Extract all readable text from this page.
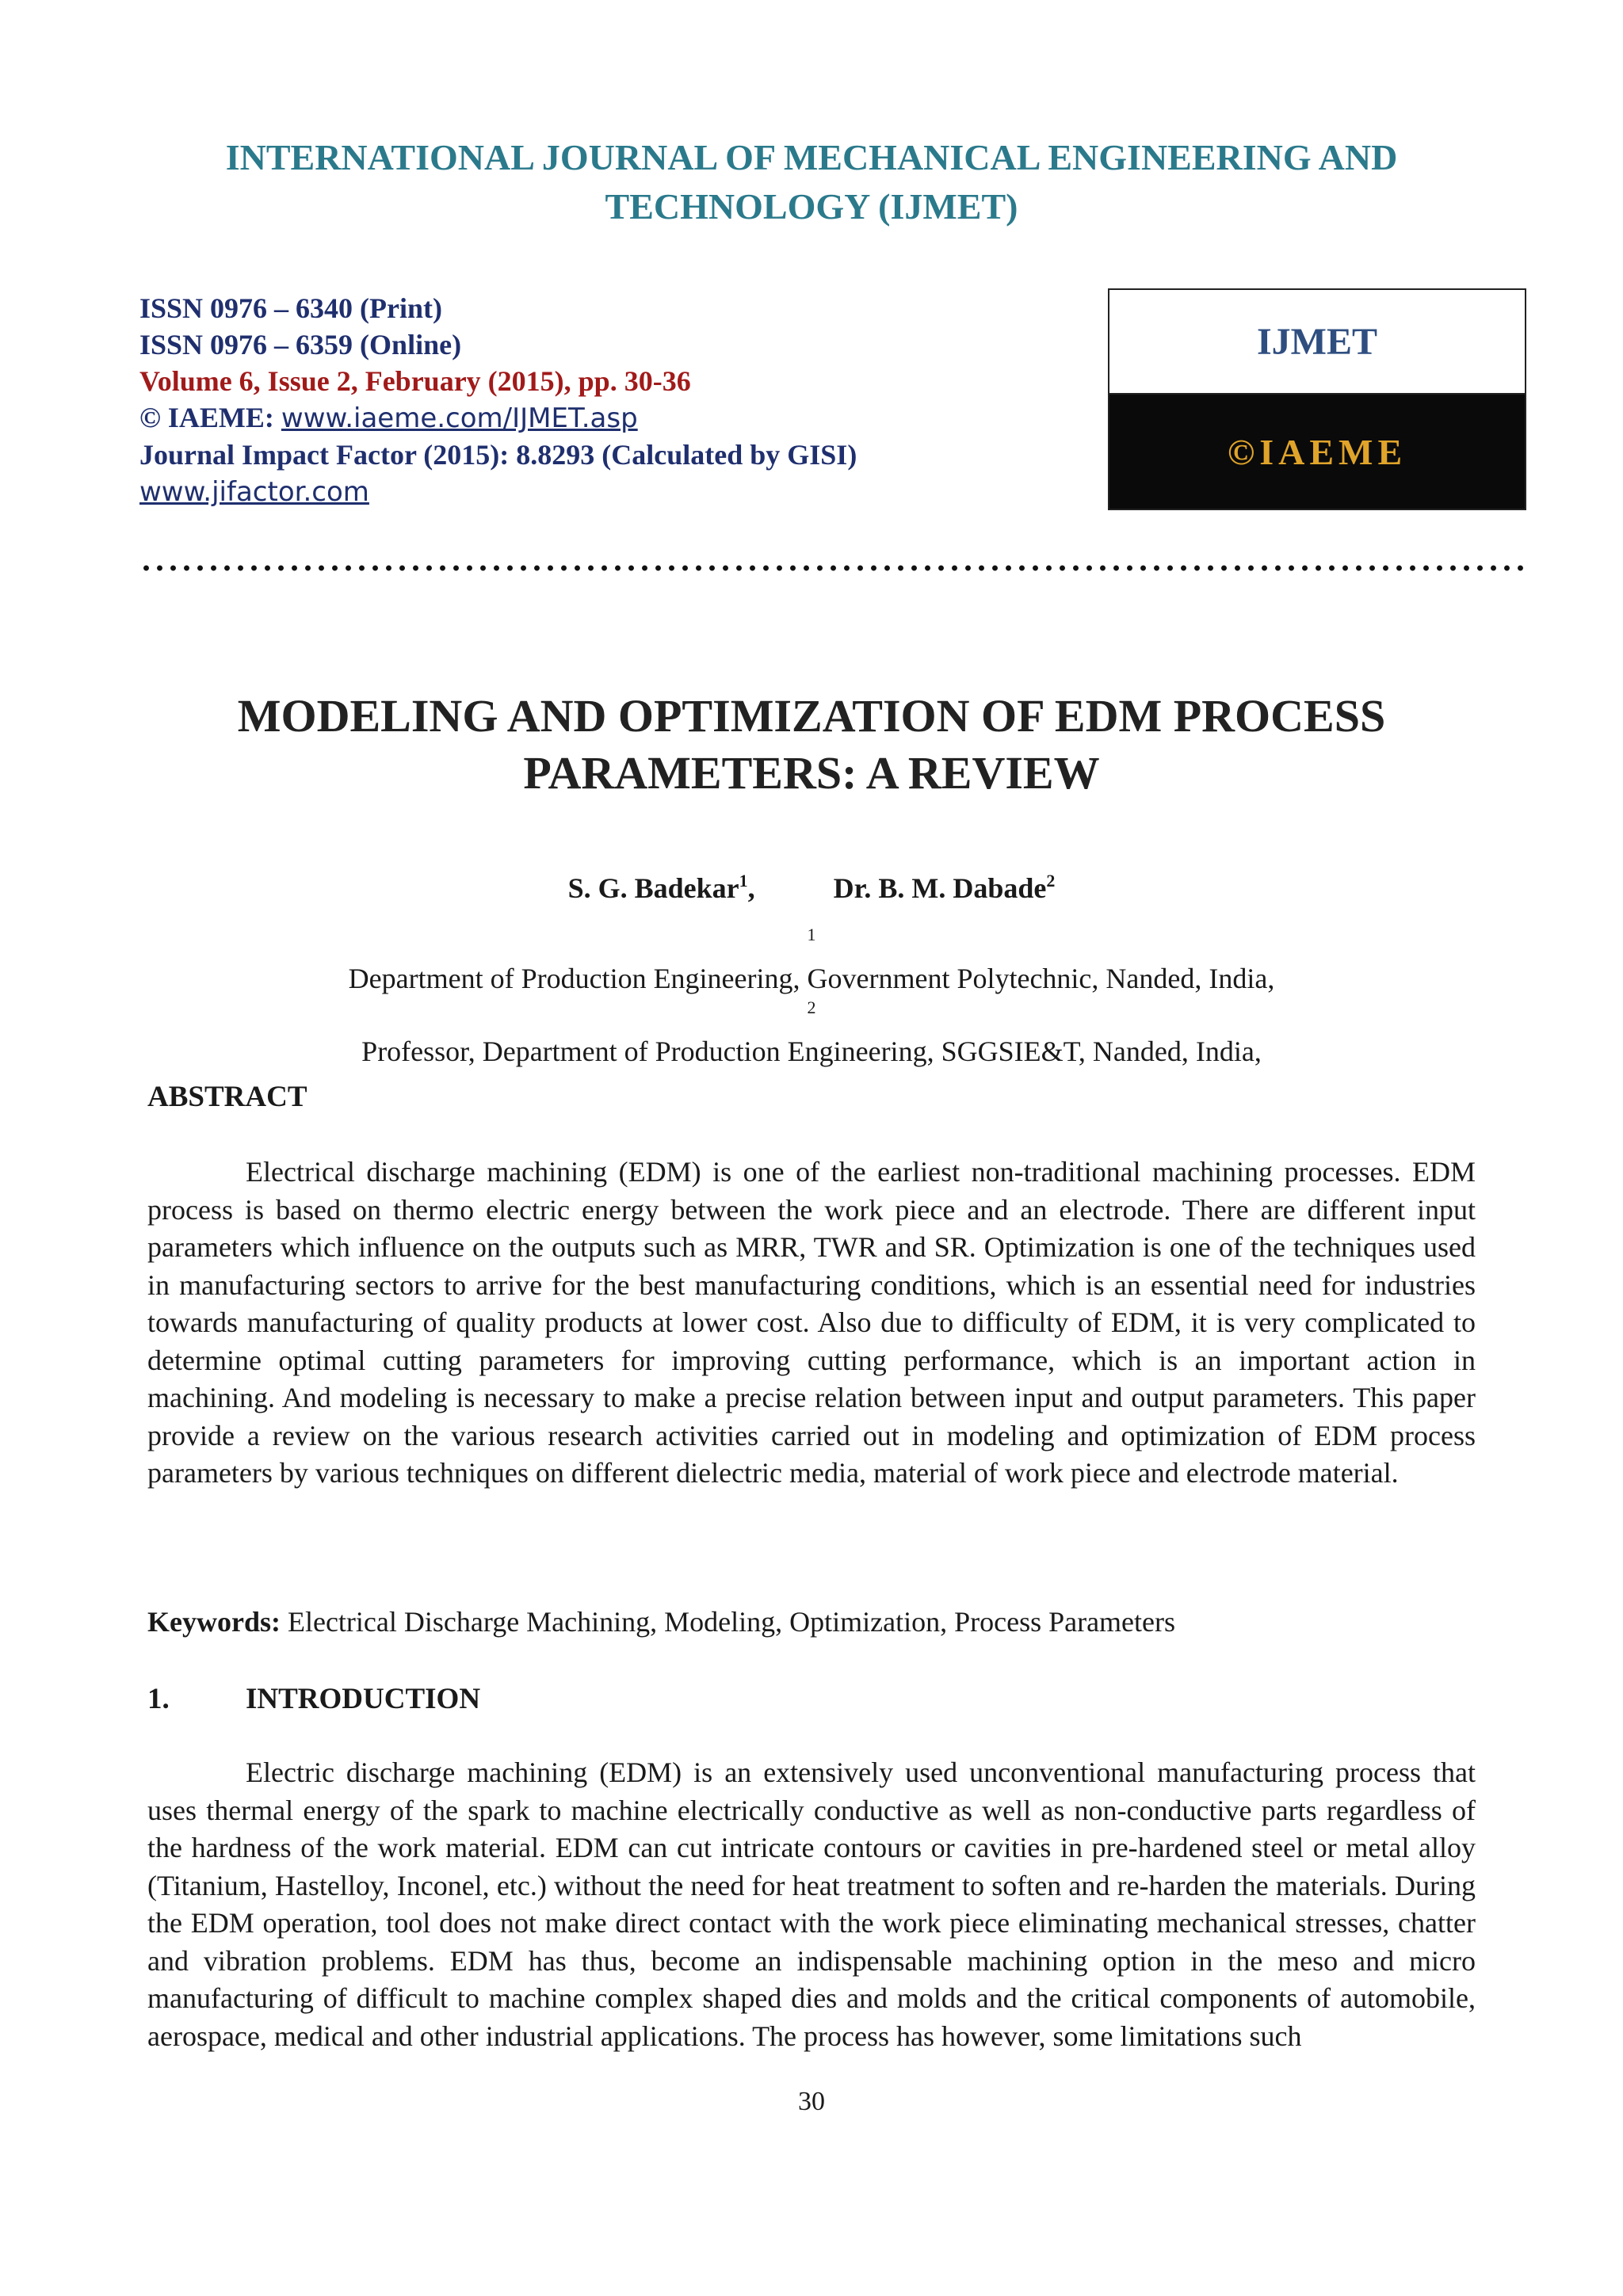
INTERNATIONAL JOURNAL OF MECHANICAL ENGINEERING AND
TECHNOLOGY (IJMET)
ISSN 0976 – 6340 (Print)
ISSN 0976 – 6359 (Online)
Volume 6, Issue 2, February (2015), pp. 30-36
© IAEME: www.iaeme.com/IJMET.asp
Journal Impact Factor (2015): 8.8293 (Calculated by GISI)
www.jifactor.com
IJMET
©IAEME
MODELING AND OPTIMIZATION OF EDM PROCESS
PARAMETERS: A REVIEW
S. G. Badekar$^1$,	Dr. B. M. Dabade$^2$
$^1$
Department of Production Engineering, Government Polytechnic, Nanded, India,
$^2$
Professor, Department of Production Engineering, SGGSIE&T, Nanded, India,
ABSTRACT
Electrical discharge machining (EDM) is one of the earliest non-traditional machining processes. EDM process is based on thermo electric energy between the work piece and an electrode. There are different input parameters which influence on the outputs such as MRR, TWR and SR. Optimization is one of the techniques used in manufacturing sectors to arrive for the best manufacturing conditions, which is an essential need for industries towards manufacturing of quality products at lower cost. Also due to difficulty of EDM, it is very complicated to determine optimal cutting parameters for improving cutting performance, which is an important action in machining. And modeling is necessary to make a precise relation between input and output parameters. This paper provide a review on the various research activities carried out in modeling and optimization of EDM process parameters by various techniques on different dielectric media, material of work piece and electrode material.
Keywords: Electrical Discharge Machining, Modeling, Optimization, Process Parameters
1.	INTRODUCTION
Electric discharge machining (EDM) is an extensively used unconventional manufacturing process that uses thermal energy of the spark to machine electrically conductive as well as non-conductive parts regardless of the hardness of the work material. EDM can cut intricate contours or cavities in pre-hardened steel or metal alloy (Titanium, Hastelloy, Inconel, etc.) without the need for heat treatment to soften and re-harden the materials. During the EDM operation, tool does not make direct contact with the work piece eliminating mechanical stresses, chatter and vibration problems. EDM has thus, become an indispensable machining option in the meso and micro manufacturing of difficult to machine complex shaped dies and molds and the critical components of automobile, aerospace, medical and other industrial applications. The process has however, some limitations such
30
